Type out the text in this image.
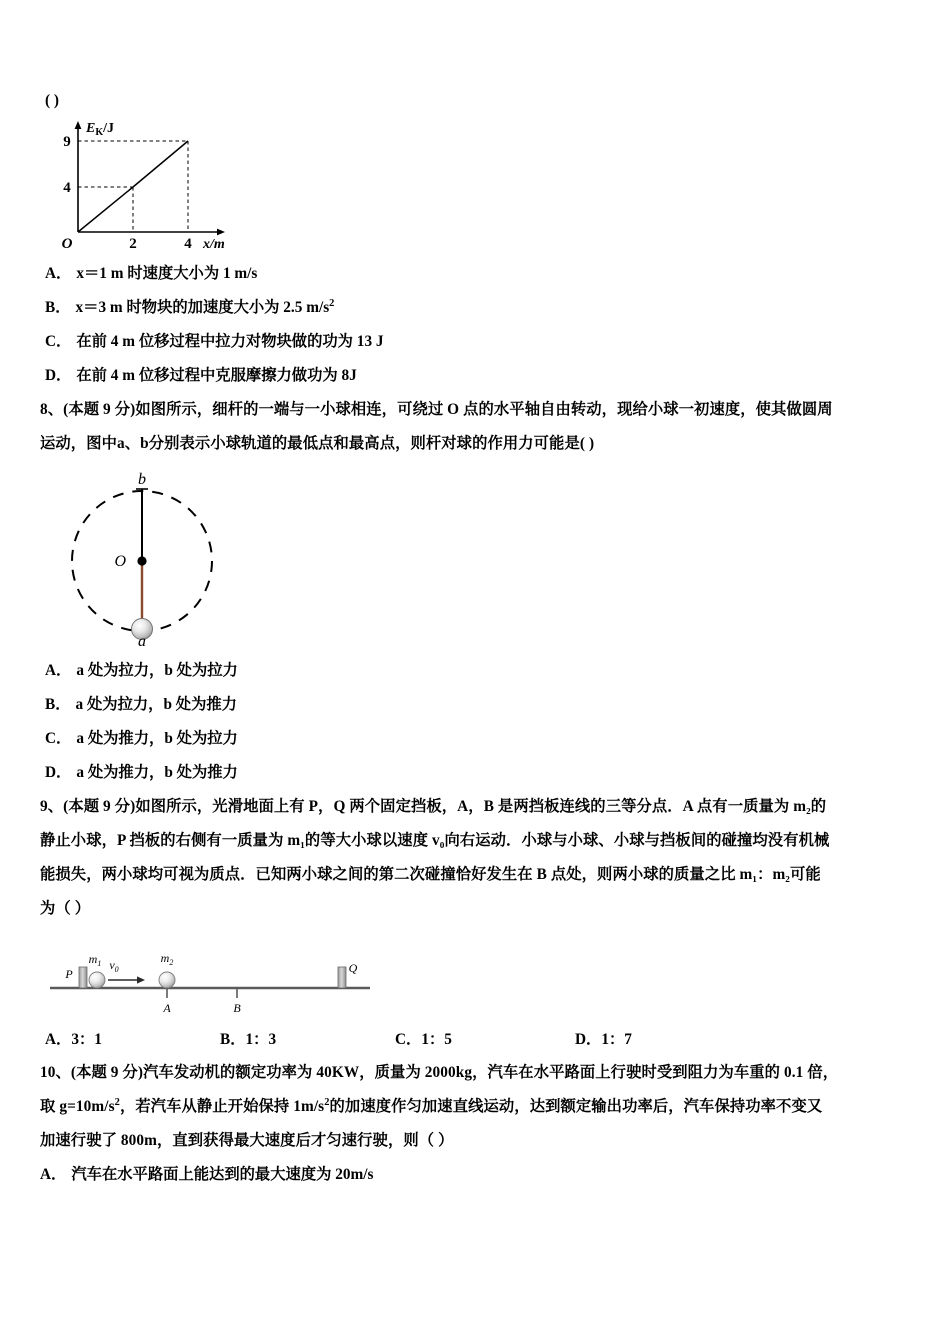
( )
9
4
2	4
O
$E_K/J$
x/m
A． x＝1 m 时速度大小为 1 m/s
B． x＝3 m 时物块的加速度大小为 2.5 $m/s^2$
C． 在前 4 m 位移过程中拉力对物块做的功为 13 J
D． 在前 4 m 位移过程中克服摩擦力做功为 8J
8、(本题 9 分)如图所示，细杆的一端与一小球相连，可绕过 O 点的水平轴自由转动，现给小球一初速度，使其做圆周
运动，图中a、b分别表示小球轨道的最低点和最高点，则杆对球的作用力可能是( )
O
b
a
A． a 处为拉力，b 处为拉力
B． a 处为拉力，b 处为推力
C． a 处为推力，b 处为拉力
D． a 处为推力，b 处为推力
9、(本题 9 分)如图所示，光滑地面上有 P，Q 两个固定挡板，A，B 是两挡板连线的三等分点．A 点有一质量为 m₂的
静止小球，P 挡板的右侧有一质量为 m₁的等大小球以速度 v₀向右运动．小球与小球、小球与挡板间的碰撞均没有机械
能损失，两小球均可视为质点．已知两小球之间的第二次碰撞恰好发生在 B 点处，则两小球的质量之比 m₁：m₂可能
为（ ）
P	Q
$m_1$ $v_0$
$m_2$
A	B
A．3：1	B．1：3	C．1：5	D．1：7
10、(本题 9 分)汽车发动机的额定功率为 40KW，质量为 2000kg，汽车在水平路面上行驶时受到阻力为车重的 0.1 倍，
取 $g=10m/s^2$，若汽车从静止开始保持 $1m/s^2$的加速度作匀加速直线运动，达到额定输出功率后，汽车保持功率不变又
加速行驶了 800m，直到获得最大速度后才匀速行驶，则（ ）
A． 汽车在水平路面上能达到的最大速度为 20m/s
